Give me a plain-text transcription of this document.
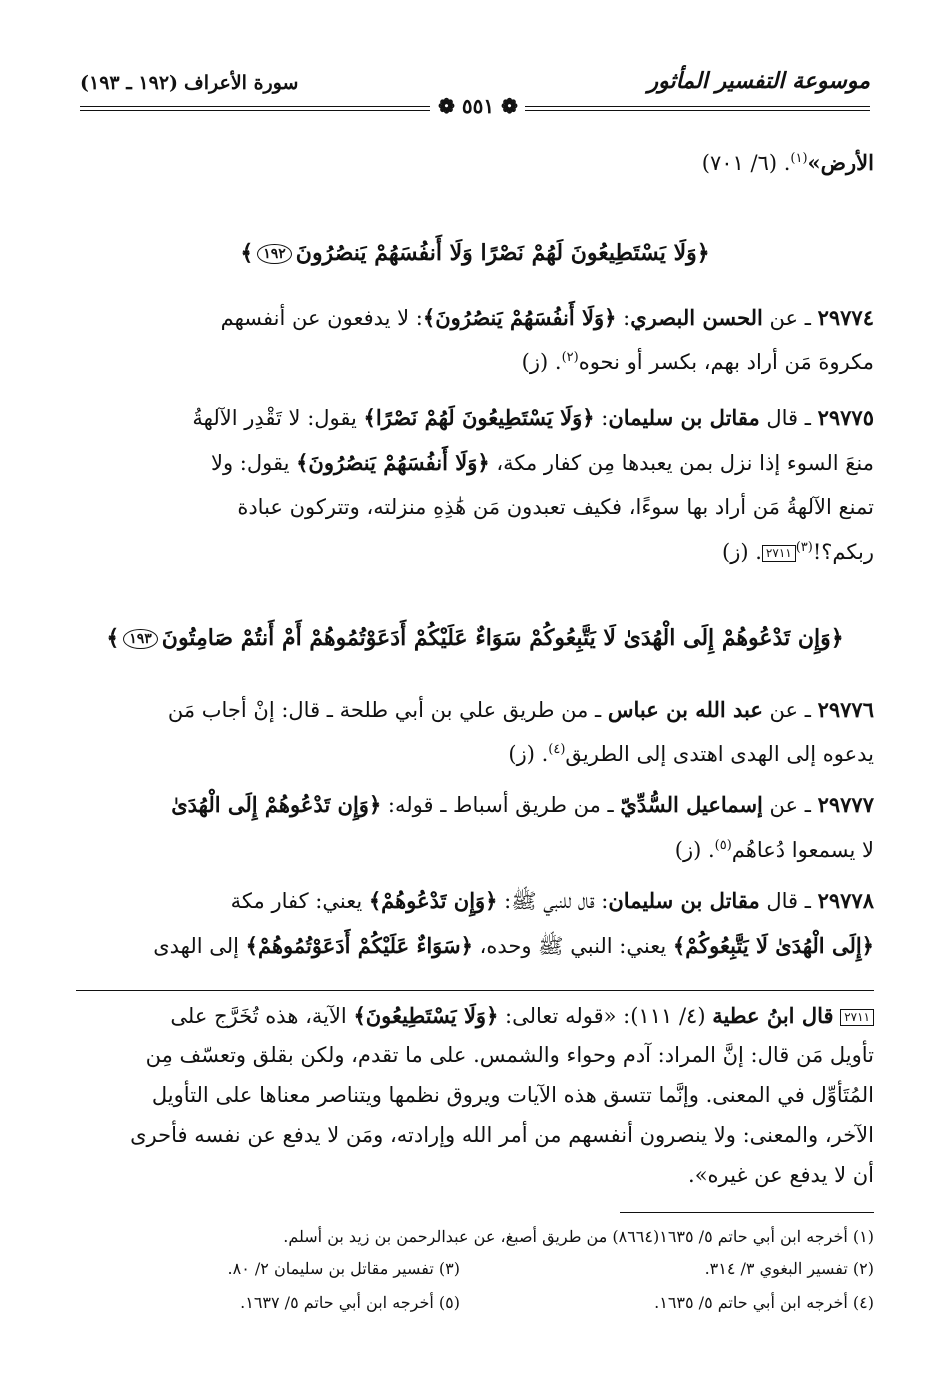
موسوعة التفسير المأثور
سورة الأعراف(١٩٢ ـ ١٩٣)
❁ ٥٥١ ❁
الأرض»$^{(١)}$. (٦/ ٧٠١)
﴿وَلَا يَسْتَطِيعُونَ لَهُمْ نَصْرًا وَلَا أَنفُسَهُمْ يَنصُرُونَ١٩٢﴾
٢٩٧٧٤ ـ عن الحسن البصري: ﴿وَلَا أَنفُسَهُمْ يَنصُرُونَ﴾: لا يدفعون عن أنفسهم
مكروهَ مَن أراد بهم، بكسر أو نحوه$^{(٢)}$. (ز)
٢٩٧٧٥ ـ قال مقاتل بن سليمان: ﴿وَلَا يَسْتَطِيعُونَ لَهُمْ نَصْرًا﴾ يقول: لا تَقْدِر الآلهةُ
منعَ السوء إذا نزل بمن يعبدها مِن كفار مكة، ﴿وَلَا أَنفُسَهُمْ يَنصُرُونَ﴾ يقول: ولا
تمنع الآلهةُ مَن أراد بها سوءًا، فكيف تعبدون مَن هَٰذِهِ منزلته، وتتركون عبادة
ربكم؟!$^{(٣)}$٢٧١١. (ز)
﴿وَإِن تَدْعُوهُمْ إِلَى الْهُدَىٰ لَا يَتَّبِعُوكُمْ سَوَاءٌ عَلَيْكُمْ أَدَعَوْتُمُوهُمْ أَمْ أَنتُمْ صَامِتُونَ١٩٣﴾
٢٩٧٧٦ ـ عن عبد الله بن عباس ـ من طريق علي بن أبي طلحة ـ قال: إنْ أجاب مَن
يدعوه إلى الهدى اهتدى إلى الطريق$^{(٤)}$. (ز)
٢٩٧٧٧ ـ عن إسماعيل السُّدِّيّ ـ من طريق أسباط ـ قوله: ﴿وَإِن تَدْعُوهُمْ إِلَى الْهُدَىٰ
لا يسمعوا دُعاهُم$^{(٥)}$. (ز)
٢٩٧٧٨ ـ قال مقاتل بن سليمان: قال للنبي ﷺ: ﴿وَإِن تَدْعُوهُمْ﴾ يعني: كفار مكة
﴿إِلَى الْهُدَىٰ لَا يَتَّبِعُوكُمْ﴾ يعني: النبي ﷺ وحده، ﴿سَوَاءٌ عَلَيْكُمْ أَدَعَوْتُمُوهُمْ﴾ إلى الهدى
٢٧١١ قال ابنُ عطية (٤/ ١١١): «قوله تعالى: ﴿وَلَا يَسْتَطِيعُونَ﴾ الآية، هذه تُخَرَّج على
تأويل مَن قال: إنَّ المراد: آدم وحواء والشمس. على ما تقدم، ولكن بقلق وتعسّف مِن
المُتَأوِّل في المعنى. وإنَّما تتسق هذه الآيات ويروق نظمها ويتناصر معناها على التأويل
الآخر، والمعنى: ولا ينصرون أنفسهم من أمر الله وإرادته، ومَن لا يدفع عن نفسه فأحرى
أن لا يدفع عن غيره».
(١) أخرجه ابن أبي حاتم ٥/ ١٦٣٥(٨٦٦٤) من طريق أصبغ، عن عبدالرحمن بن زيد بن أسلم.
(٢) تفسير البغوي ٣/ ٣١٤.
(٣) تفسير مقاتل بن سليمان ٢/ ٨٠.
(٤) أخرجه ابن أبي حاتم ٥/ ١٦٣٥.
(٥) أخرجه ابن أبي حاتم ٥/ ١٦٣٧.
